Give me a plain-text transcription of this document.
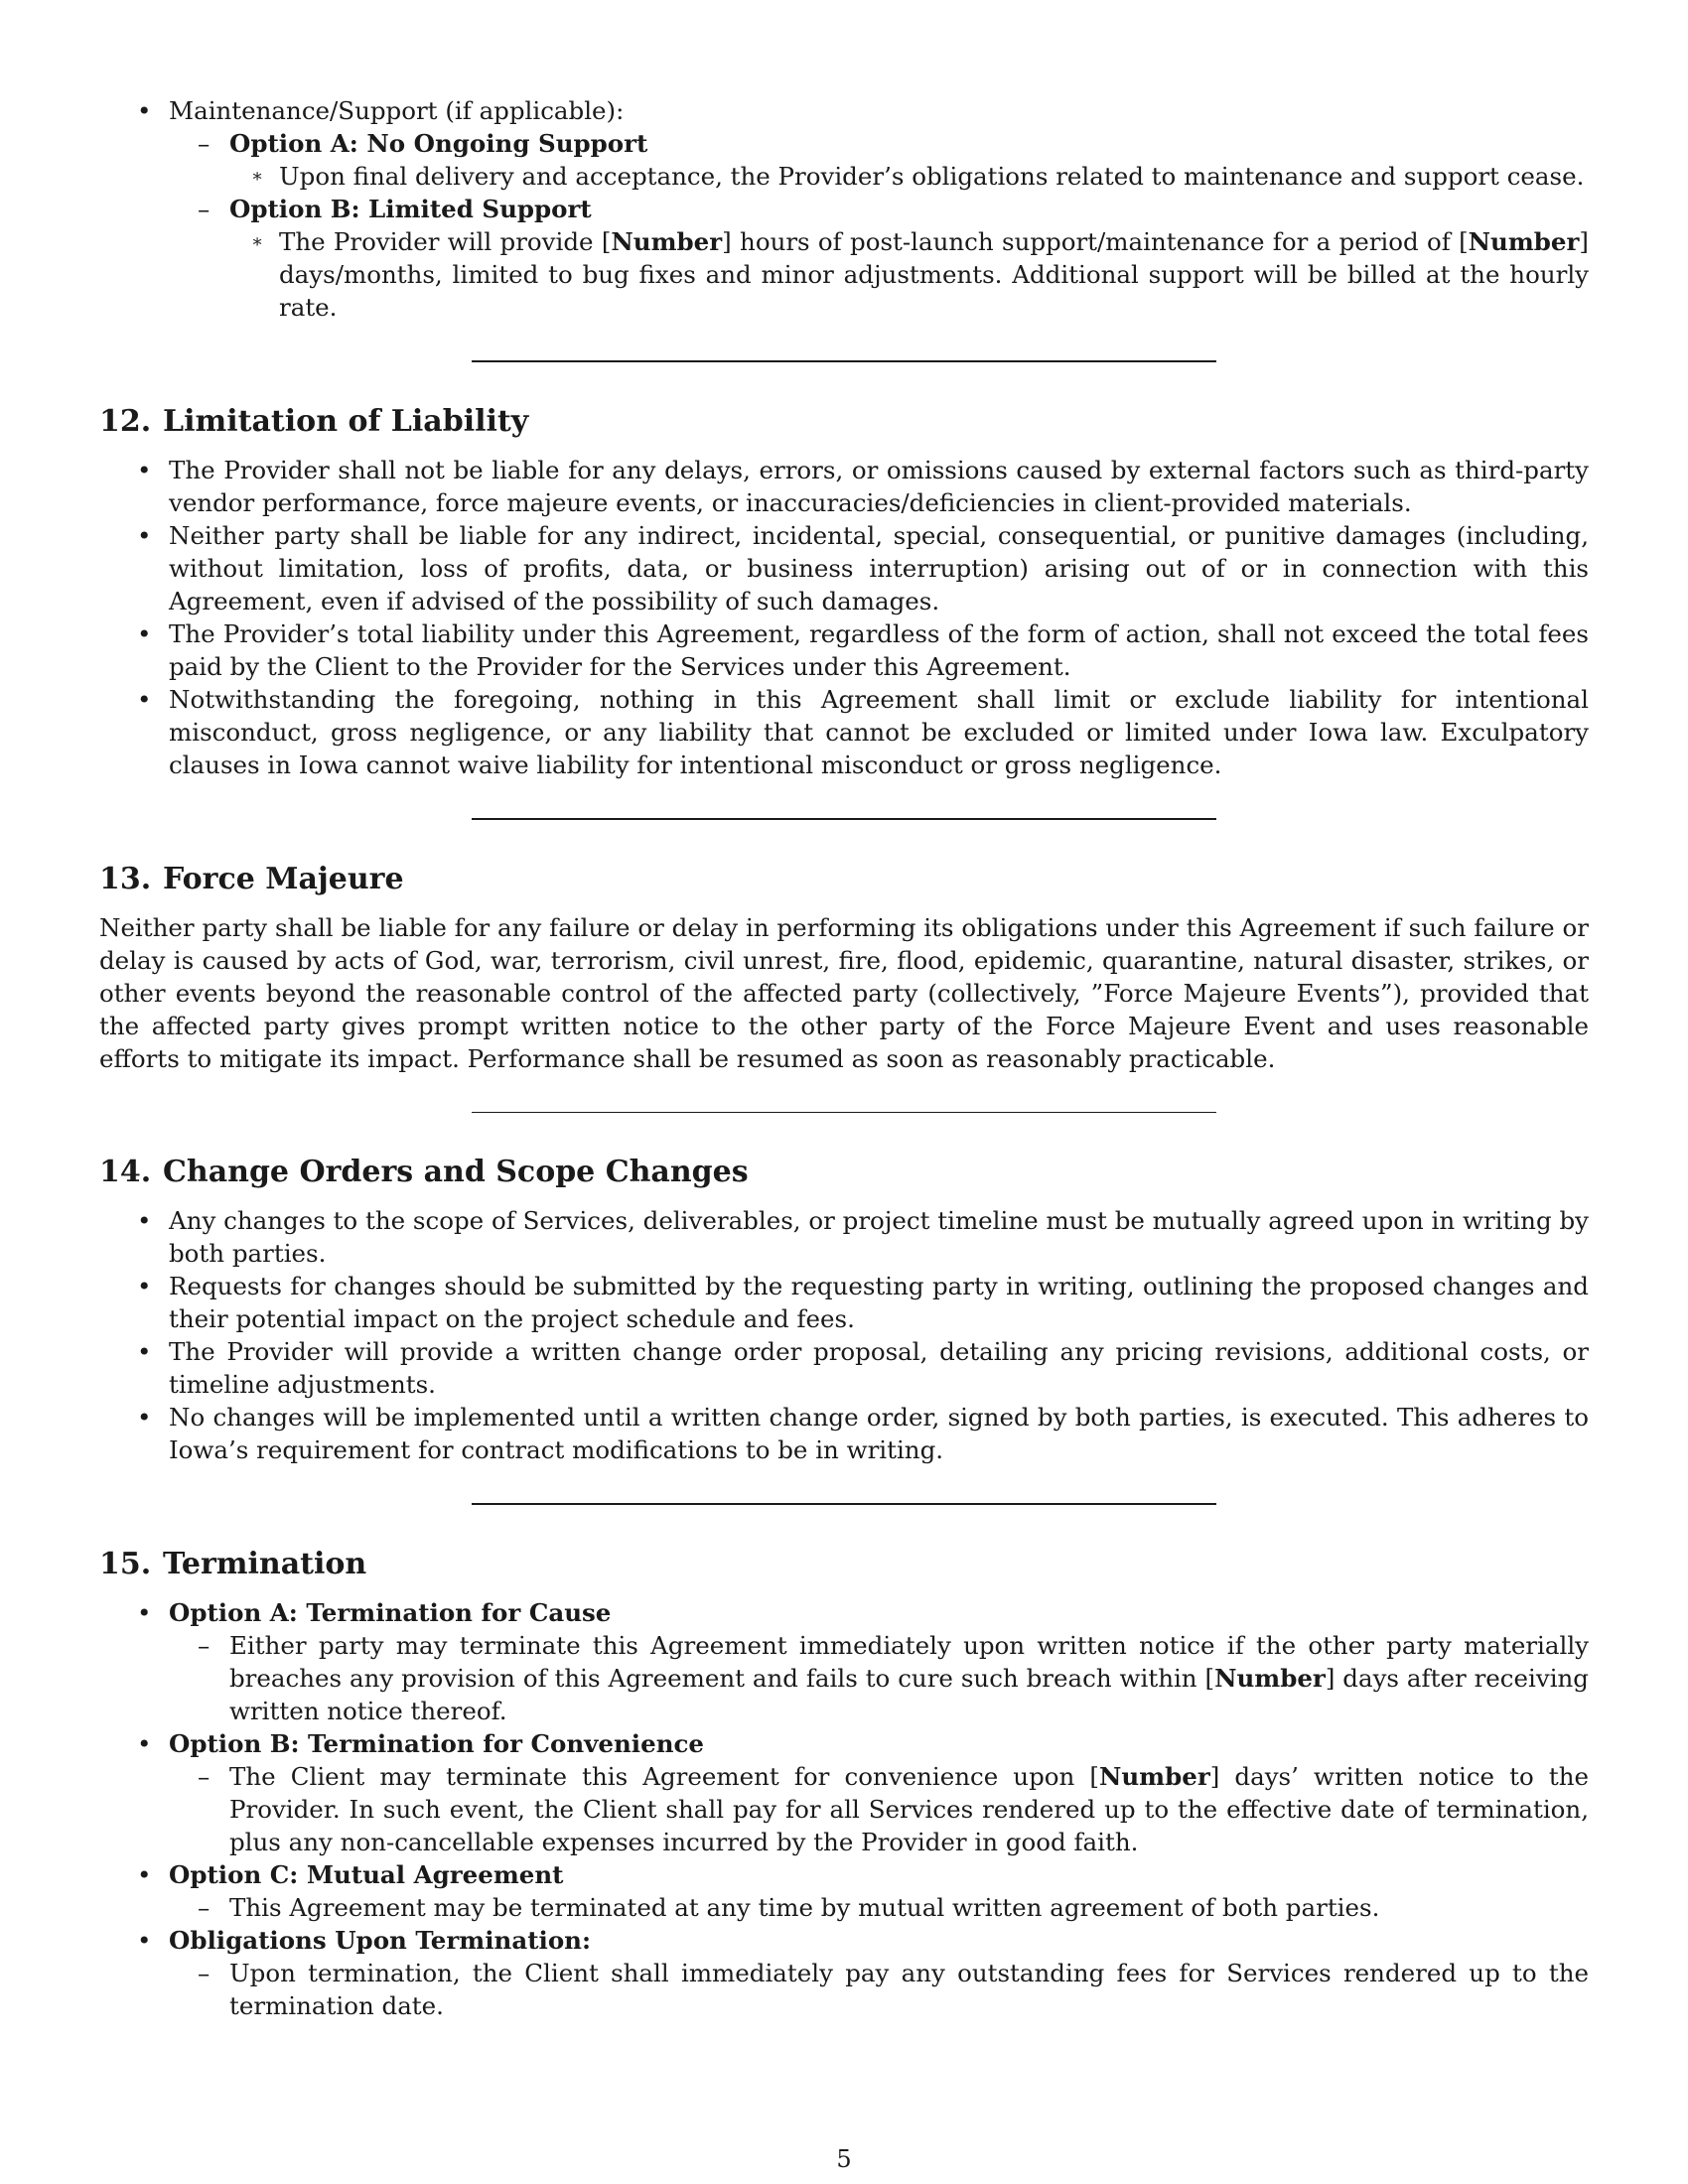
• Maintenance/Support (if applicable):
– Option A: No Ongoing Support
∗ Upon final delivery and acceptance, the Provider’s obligations related to maintenance and support cease.
– Option B: Limited Support
∗ The Provider will provide [Number] hours of post-launch support/maintenance for a period of [Number] days/months, limited to bug fixes and minor adjustments. Additional support will be billed at the hourly rate.
12. Limitation of Liability
• The Provider shall not be liable for any delays, errors, or omissions caused by external factors such as third-party vendor performance, force majeure events, or inaccuracies/deficiencies in client-provided materials.
• Neither party shall be liable for any indirect, incidental, special, consequential, or punitive damages (including, without limitation, loss of profits, data, or business interruption) arising out of or in connection with this Agreement, even if advised of the possibility of such damages.
• The Provider’s total liability under this Agreement, regardless of the form of action, shall not exceed the total fees paid by the Client to the Provider for the Services under this Agreement.
• Notwithstanding the foregoing, nothing in this Agreement shall limit or exclude liability for intentional misconduct, gross negligence, or any liability that cannot be excluded or limited under Iowa law. Exculpatory clauses in Iowa cannot waive liability for intentional misconduct or gross negligence.
13. Force Majeure

Neither party shall be liable for any failure or delay in performing its obligations under this Agreement if such failure or delay is caused by acts of God, war, terrorism, civil unrest, fire, flood, epidemic, quarantine, natural disaster, strikes, or other events beyond the reasonable control of the affected party (collectively, ”Force Majeure Events”), provided that the affected party gives prompt written notice to the other party of the Force Majeure Event and uses reasonable efforts to mitigate its impact. Performance shall be resumed as soon as reasonably practicable.

14. Change Orders and Scope Changes
• Any changes to the scope of Services, deliverables, or project timeline must be mutually agreed upon in writing by both parties.
• Requests for changes should be submitted by the requesting party in writing, outlining the proposed changes and their potential impact on the project schedule and fees.
• The Provider will provide a written change order proposal, detailing any pricing revisions, additional costs, or timeline adjustments.
• No changes will be implemented until a written change order, signed by both parties, is executed. This adheres to Iowa’s requirement for contract modifications to be in writing.
15. Termination
• Option A: Termination for Cause
– Either party may terminate this Agreement immediately upon written notice if the other party materially breaches any provision of this Agreement and fails to cure such breach within [Number] days after receiving written notice thereof.
• Option B: Termination for Convenience
– The Client may terminate this Agreement for convenience upon [Number] days’ written notice to the Provider. In such event, the Client shall pay for all Services rendered up to the effective date of termination, plus any non-cancellable expenses incurred by the Provider in good faith.
• Option C: Mutual Agreement
– This Agreement may be terminated at any time by mutual written agreement of both parties.
• Obligations Upon Termination:
– Upon termination, the Client shall immediately pay any outstanding fees for Services rendered up to the termination date.
5
